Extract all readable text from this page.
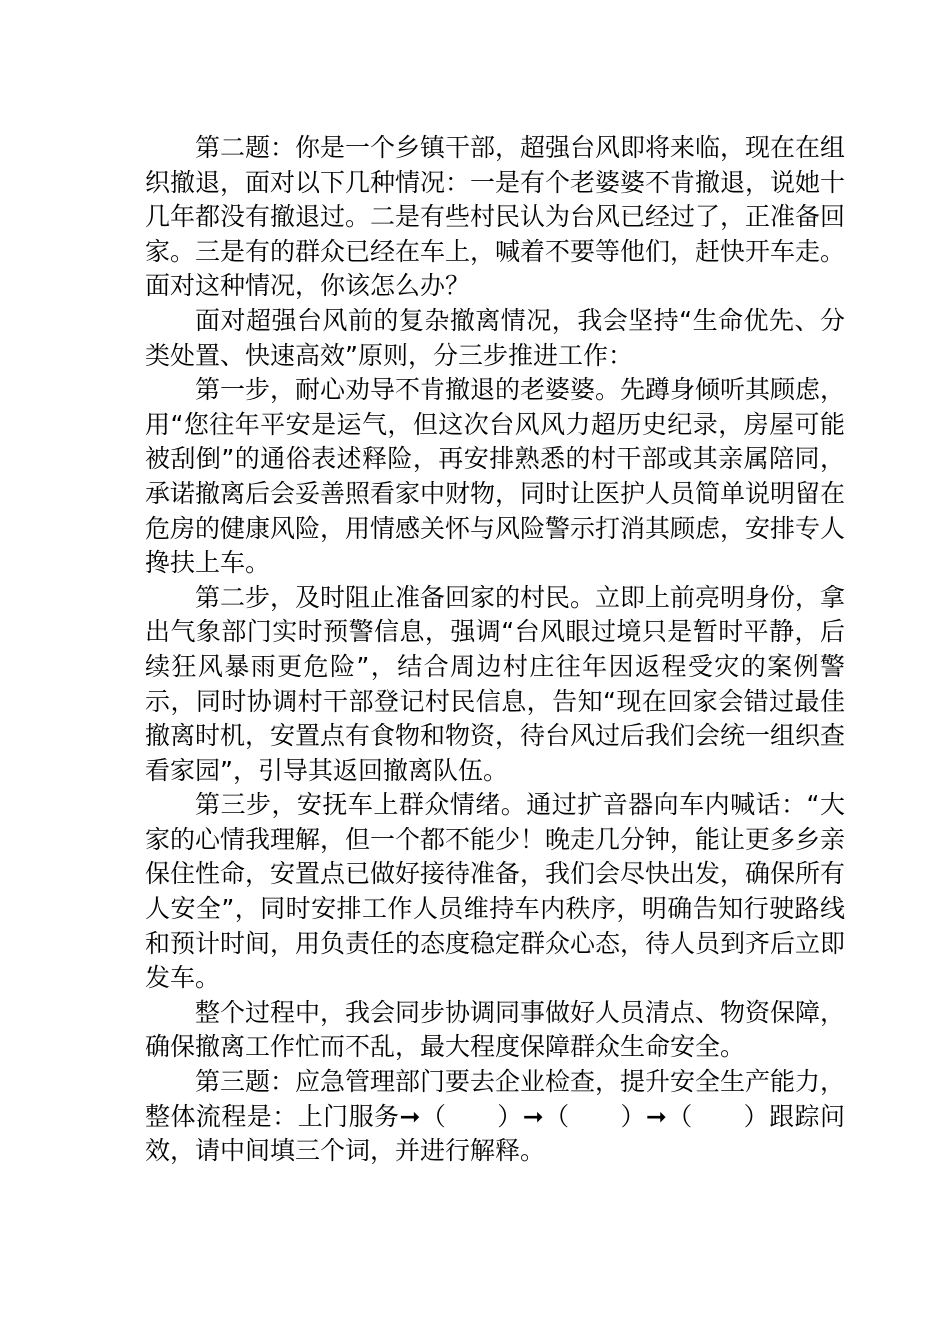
第二题：你是一个乡镇干部，超强台风即将来临，现在在组织撤退，面对以下几种情况：一是有个老婆婆不肯撤退，说她十几年都没有撤退过。二是有些村民认为台风已经过了，正准备回家。三是有的群众已经在车上，喊着不要等他们，赶快开车走。面对这种情况，你该怎么办？

面对超强台风前的复杂撤离情况，我会坚持“生命优先、分类处置、快速高效”原则，分三步推进工作：

第一步，耐心劝导不肯撤退的老婆婆。先蹲身倾听其顾虑，用“您往年平安是运气，但这次台风风力超历史纪录，房屋可能被刮倒”的通俗表述释险，再安排熟悉的村干部或其亲属陪同，承诺撤离后会妥善照看家中财物，同时让医护人员简单说明留在危房的健康风险，用情感关怀与风险警示打消其顾虑，安排专人搀扶上车。

第二步，及时阻止准备回家的村民。立即上前亮明身份，拿出气象部门实时预警信息，强调“台风眼过境只是暂时平静，后续狂风暴雨更危险”，结合周边村庄往年因返程受灾的案例警示，同时协调村干部登记村民信息，告知“现在回家会错过最佳撤离时机，安置点有食物和物资，待台风过后我们会统一组织查看家园”，引导其返回撤离队伍。

第三步，安抚车上群众情绪。通过扩音器向车内喊话：“大家的心情我理解，但一个都不能少！晚走几分钟，能让更多乡亲保住性命，安置点已做好接待准备，我们会尽快出发，确保所有人安全”，同时安排工作人员维持车内秩序，明确告知行驶路线和预计时间，用负责任的态度稳定群众心态，待人员到齐后立即发车。

整个过程中，我会同步协调同事做好人员清点、物资保障，确保撤离工作忙而不乱，最大程度保障群众生命安全。

第三题：应急管理部门要去企业检查，提升安全生产能力，整体流程是：上门服务➞（　　）➞（　　）➞（　　）跟踪问效，请中间填三个词，并进行解释。
